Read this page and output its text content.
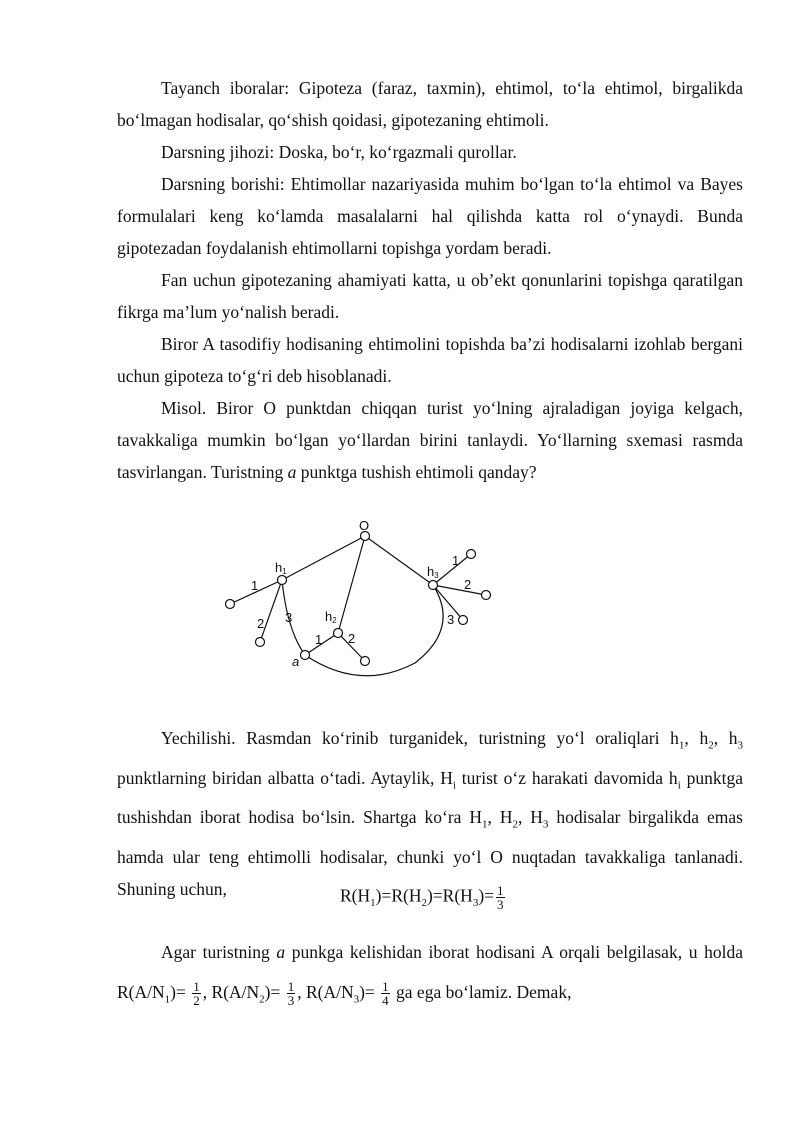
Tayanch iboralar: Gipoteza (faraz, taxmin), ehtimol, to‘la ehtimol, birgalikda bo‘lmagan hodisalar, qo‘shish qoidasi, gipotezaning ehtimoli.

Darsning jihozi: Doska, bo‘r, ko‘rgazmali qurollar.

Darsning borishi: Ehtimollar nazariyasida muhim bo‘lgan to‘la ehtimol va Bayes formulalari keng ko‘lamda masalalarni hal qilishda katta rol o‘ynaydi. Bunda gipotezadan foydalanish ehtimollarni topishga yordam beradi.

Fan uchun gipotezaning ahamiyati katta, u ob’ekt qonunlarini topishga qaratilgan fikrga ma’lum yo‘nalish beradi.

Biror A tasodifiy hodisaning ehtimolini topishda ba’zi hodisalarni izohlab bergani uchun gipoteza to‘g‘ri deb hisoblanadi.

Misol. Biror O punktdan chiqqan turist yo‘lning ajraladigan joyiga kelgach, tavakkaliga mumkin bo‘lgan yo‘llardan birini tanlaydi. Yo‘llarning sxemasi rasmda tasvirlangan. Turistning a punktga tushish ehtimoli qanday?

O
h1
h2
h3
a
1
2 3
1 2
1
2
3

Yechilishi. Rasmdan ko‘rinib turganidek, turistning yo‘l oraliqlari $h_1$, $h_2$, $h_3$ punktlarning biridan albatta o‘tadi. Aytaylik, $H_i$ turist o‘z harakati davomida $h_i$ punktga tushishdan iborat hodisa bo‘lsin. Shartga ko‘ra $H_1$, $H_2$, $H_3$ hodisalar birgalikda emas hamda ular teng ehtimolli hodisalar, chunki yo‘l O nuqtadan tavakkaliga tanlanadi. Shuning uchun,	$R(H_1)=R(H_2)=R(H_3)= \frac{1}{3}$

Agar turistning a punkga kelishidan iborat hodisani A orqali belgilasak, u holda $R(A/N_1)= \frac{1}{2}$ , $R(A/N_2)= \frac{1}{3}$ , $R(A/N_3)= \frac{1}{4}$ ga ega bo‘lamiz. Demak,
